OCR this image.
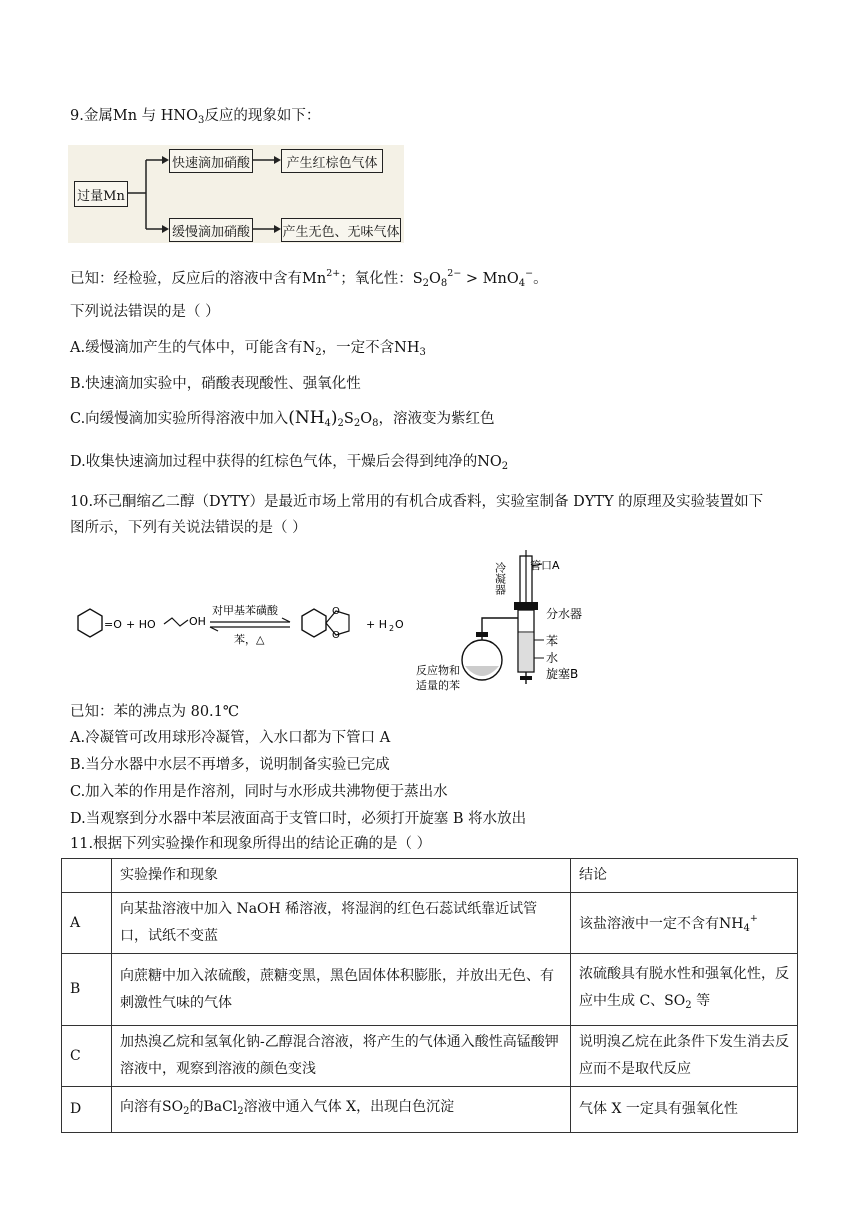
9.金属Mn 与 $HNO_3$反应的现象如下：
过量Mn
快速滴加硝酸	产生红棕色气体
缓慢滴加硝酸 产生无色、无味气体
已知：经检验，反应后的溶液中含有$Mn^{2+}$；氧化性：$S_2O_8^{2-} > MnO_4^-$。
下列说法错误的是（ ）
A.缓慢滴加产生的气体中，可能含有$N_2$，一定不含$NH_3$
B.快速滴加实验中，硝酸表现酸性、强氧化性
C.向缓慢滴加实验所得溶液中加入$(NH_4)_2S_2O_8$，溶液变为紫红色
D.收集快速滴加过程中获得的红棕色气体，干燥后会得到纯净的$NO_2$
10.环己酮缩乙二醇（DYTY）是最近市场上常用的有机合成香料，实验室制备 DYTY 的原理及实验装置如下
图所示，下列有关说法错误的是（ ）
=O + HO	OH
对甲基苯磺酸
苯，△
O
O
+ H 2 O
冷凝器 管口A
分水器
苯
水
旋塞B
反应物和
适量的苯
已知：苯的沸点为 80.1℃
A.冷凝管可改用球形冷凝管，入水口都为下管口 A
B.当分水器中水层不再增多，说明制备实验已完成
C.加入苯的作用是作溶剂，同时与水形成共沸物便于蒸出水
D.当观察到分水器中苯层液面高于支管口时，必须打开旋塞 B 将水放出
11.根据下列实验操作和现象所得出的结论正确的是（ ）
	实验操作和现象	结论
A	向某盐溶液中加入 NaOH 稀溶液，将湿润的红色石蕊试纸靠近试管口，试纸不变蓝	该盐溶液中一定不含有$NH_4^+$
B	向蔗糖中加入浓硫酸，蔗糖变黑，黑色固体体积膨胀，并放出无色、有刺激性气味的气体	浓硫酸具有脱水性和强氧化性，反应中生成 C、$SO_2$ 等
C	加热溴乙烷和氢氧化钠-乙醇混合溶液，将产生的气体通入酸性高锰酸钾溶液中，观察到溶液的颜色变浅	说明溴乙烷在此条件下发生消去反应而不是取代反应
D	向溶有$SO_2$的BaCl$_2$溶液中通入气体 X，出现白色沉淀	气体 X 一定具有强氧化性
